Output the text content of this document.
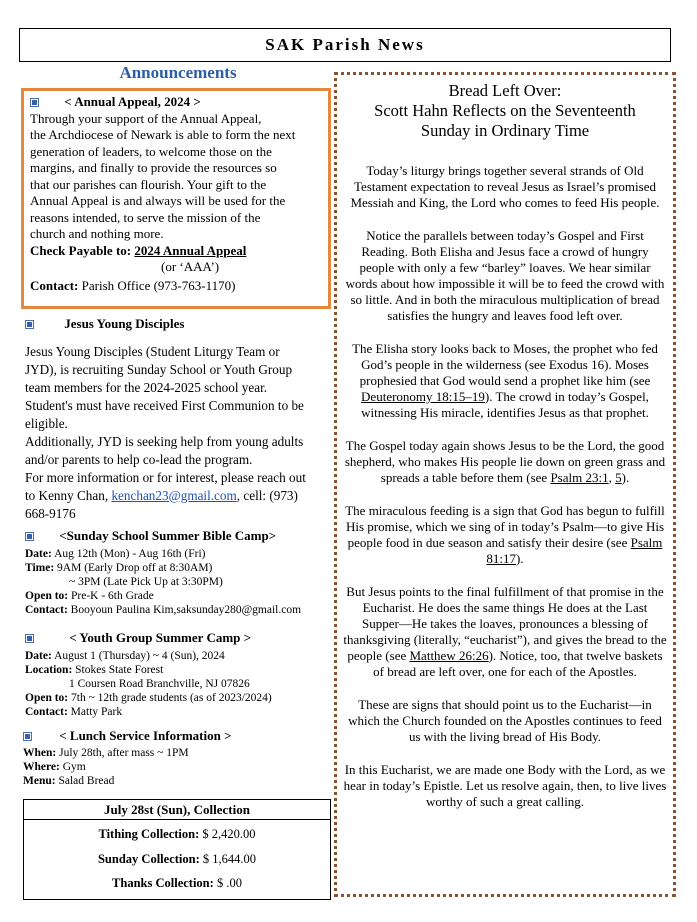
SAK Parish News
Announcements
< Annual Appeal, 2024 >
Through your support of the Annual Appeal,
the Archdiocese of Newark is able to form the next
generation of leaders, to welcome those on the
margins, and finally to provide the resources so
that our parishes can flourish. Your gift to the
Annual Appeal is and always will be used for the
reasons intended, to serve the mission of the
church and nothing more.
Check Payable to: 2024 Annual Appeal
(or ‘AAA’)
Contact: Parish Office (973-763-1170)
Jesus Young Disciples
Jesus Young Disciples (Student Liturgy Team or
JYD), is recruiting Sunday School or Youth Group
team members for the 2024-2025 school year.
Student's must have received First Communion to be
eligible.
Additionally, JYD is seeking help from young adults
and/or parents to help co-lead the program.
For more information or for interest, please reach out
to Kenny Chan, kenchan23@gmail.com, cell: (973)
668-9176
<Sunday School Summer Bible Camp>
Date: Aug 12th (Mon) - Aug 16th (Fri)
Time: 9AM (Early Drop off at 8:30AM)
~ 3PM (Late Pick Up at 3:30PM)
Open to: Pre-K - 6th Grade
Contact: Booyoun Paulina Kim,saksunday280@gmail.com
< Youth Group Summer Camp >
Date: August 1 (Thursday) ~ 4 (Sun), 2024
Location: Stokes State Forest
1 Coursen Road Branchville, NJ 07826
Open to: 7th ~ 12th grade students (as of 2023/2024)
Contact: Matty Park
< Lunch Service Information >
When: July 28th, after mass ~ 1PM
Where: Gym
Menu: Salad Bread
July 28st (Sun), Collection
Tithing Collection: $ 2,420.00
Sunday Collection: $ 1,644.00
Thanks Collection: $ .00
Bread Left Over:
Scott Hahn Reflects on the Seventeenth
Sunday in Ordinary Time

Today’s liturgy brings together several strands of Old Testament expectation to reveal Jesus as Israel’s promised Messiah and King, the Lord who comes to feed His people.

Notice the parallels between today’s Gospel and First Reading. Both Elisha and Jesus face a crowd of hungry people with only a few “barley” loaves. We hear similar words about how impossible it will be to feed the crowd with so little. And in both the miraculous multiplication of bread satisfies the hungry and leaves food left over.

The Elisha story looks back to Moses, the prophet who fed God’s people in the wilderness (see Exodus 16). Moses prophesied that God would send a prophet like him (see Deuteronomy 18:15–19). The crowd in today’s Gospel, witnessing His miracle, identifies Jesus as that prophet.

The Gospel today again shows Jesus to be the Lord, the good shepherd, who makes His people lie down on green grass and spreads a table before them (see Psalm 23:1, 5).

The miraculous feeding is a sign that God has begun to fulfill His promise, which we sing of in today’s Psalm—to give His people food in due season and satisfy their desire (see Psalm 81:17).

But Jesus points to the final fulfillment of that promise in the Eucharist. He does the same things He does at the Last Supper—He takes the loaves, pronounces a blessing of thanksgiving (literally, “eucharist”), and gives the bread to the people (see Matthew 26:26). Notice, too, that twelve baskets of bread are left over, one for each of the Apostles.

These are signs that should point us to the Eucharist—in which the Church founded on the Apostles continues to feed us with the living bread of His Body.

In this Eucharist, we are made one Body with the Lord, as we hear in today’s Epistle. Let us resolve again, then, to live lives worthy of such a great calling.
